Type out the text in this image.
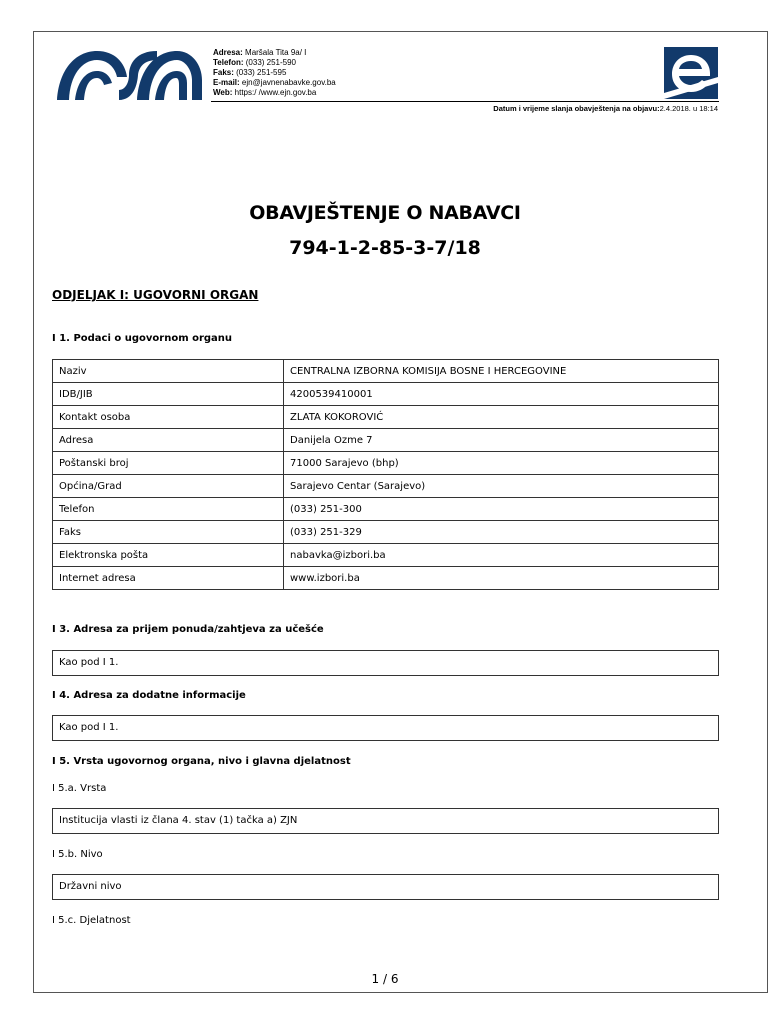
Adresa: Maršala Tita 9a/ I
Telefon: (033) 251-590
Faks: (033) 251-595
E-mail: ejn@javnenabavke.gov.ba
Web: https:/ /www.ejn.gov.ba
Datum i vrijeme slanja obavještenja na objavu:2.4.2018. u 18:14
OBAVJEŠTENJE O NABAVCI
794-1-2-85-3-7/18
ODJELJAK I: UGOVORNI ORGAN
I 1. Podaci o ugovornom organu
Naziv	CENTRALNA IZBORNA KOMISIJA BOSNE I HERCEGOVINE
IDB/JIB	4200539410001
Kontakt osoba	ZLATA KOKOROVIĆ
Adresa	Danijela Ozme 7
Poštanski broj	71000 Sarajevo (bhp)
Općina/Grad	Sarajevo Centar (Sarajevo)
Telefon	(033) 251-300
Faks	(033) 251-329
Elektronska pošta	nabavka@izbori.ba
Internet adresa	www.izbori.ba
I 3. Adresa za prijem ponuda/zahtjeva za učešće
Kao pod I 1.
I 4. Adresa za dodatne informacije
Kao pod I 1.
I 5. Vrsta ugovornog organa, nivo i glavna djelatnost
I 5.a. Vrsta
Institucija vlasti iz člana 4. stav (1) tačka a) ZJN
I 5.b. Nivo
Državni nivo
I 5.c. Djelatnost
1 / 6
